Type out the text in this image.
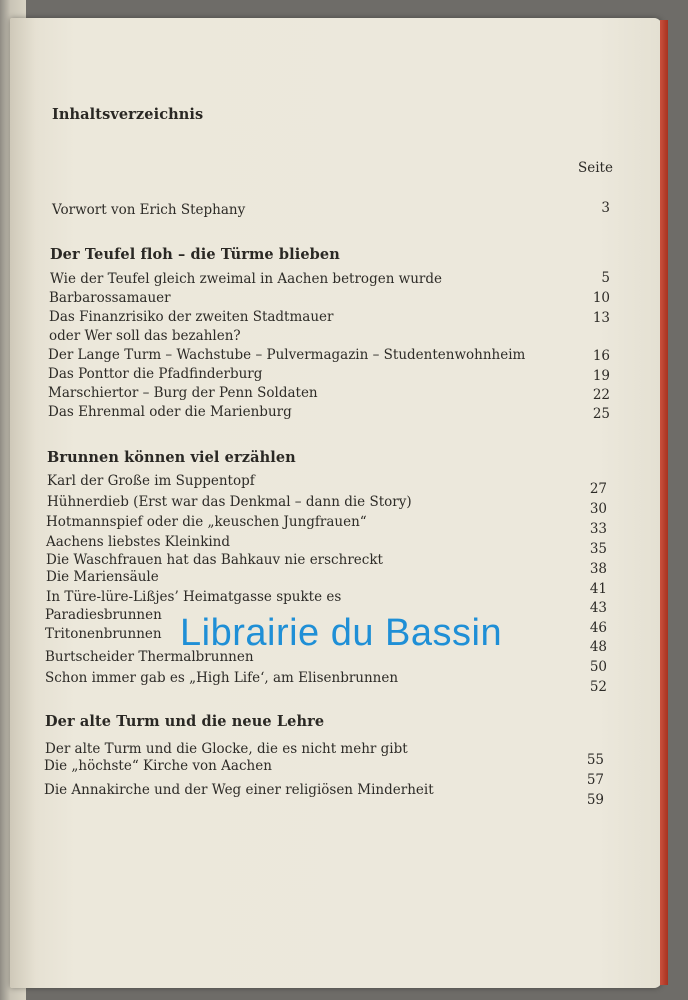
Inhaltsverzeichnis
Seite
Vorwort von Erich Stephany	3
Der Teufel floh – die Türme blieben
Wie der Teufel gleich zweimal in Aachen betrogen wurde
Barbarossamauer
Das Finanzrisiko der zweiten Stadtmauer
oder Wer soll das bezahlen?
Der Lange Turm – Wachstube – Pulvermagazin – Studentenwohnheim
Das Ponttor die Pfadfinderburg
Marschiertor – Burg der Penn Soldaten
Das Ehrenmal oder die Marienburg
5
10
13
16
19
22
25
Brunnen können viel erzählen
Karl der Große im Suppentopf
Hühnerdieb (Erst war das Denkmal – dann die Story)
Hotmannspief oder die „keuschen Jungfrauen“
Aachens liebstes Kleinkind
Die Waschfrauen hat das Bahkauv nie erschreckt
Die Mariensäule
In Türe-lüre-Lißjes’ Heimatgasse spukte es
Paradiesbrunnen
Tritonenbrunnen
Burtscheider Thermalbrunnen
Schon immer gab es „High Life‘, am Elisenbrunnen
27
30
33
35
38
41
43
46
48
50
52
Der alte Turm und die neue Lehre
Der alte Turm und die Glocke, die es nicht mehr gibt
Die „höchste“ Kirche von Aachen
Die Annakirche und der Weg einer religiösen Minderheit
55
57
59
Librairie du Bassin
